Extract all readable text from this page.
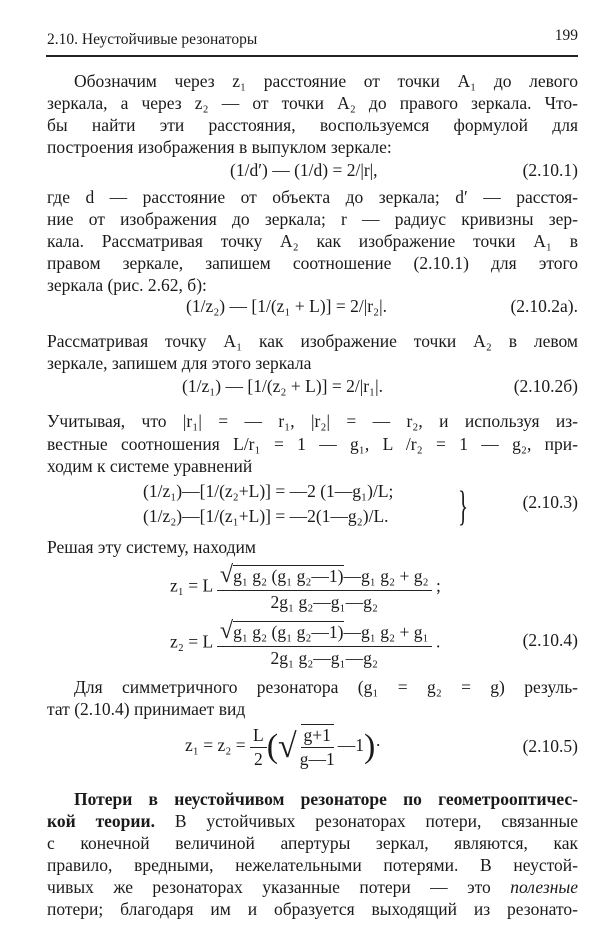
2.10. Неустойчивые резонаторы	199
Обозначим через z₁ расстояние от точки A₁ до левого
зеркала, а через z₂ — от точки A₂ до правого зеркала. Что-
бы найти эти расстояния, воспользуемся формулой для
построения изображения в выпуклом зеркале:
(1/d′) — (1/d) = 2/|r|,	(2.10.1)
где d — расстояние от объекта до зеркала; d′ — расстоя-
ние от изображения до зеркала; r — радиус кривизны зер-
кала. Рассматривая точку A₂ как изображение точки A₁ в
правом зеркале, запишем соотношение (2.10.1) для этого
зеркала (рис. 2.62, б):
(1/z₂) — [1/(z₁ + L)] = 2/|r₂|.	(2.10.2а).
Рассматривая точку A₁ как изображение точки A₂ в левом
зеркале, запишем для этого зеркала
(1/z₁) — [1/(z₂ + L)] = 2/|r₁|.	(2.10.2б)
Учитывая, что |r₁| = — r₁, |r₂| = — r₂, и используя из-
вестные соотношения L/r₁ = 1 — g₁, L /r₂ = 1 — g₂, при-
ходим к системе уравнений
(1/z₁)—[1/(z₂+L)] = —2 (1—g₁)/L;
(1/z₂)—[1/(z₁+L)] = —2(1—g₂)/L. }	(2.10.3)
Решая эту систему, находим
z₁ = L $\frac{\text{√g₁ g₂ (g₁ g₂—1)—g₁ g₂ + g₂}}{\text{2g₁ g₂—g₁—g₂}}$ ;
z₂ = L $\frac{\text{√g₁ g₂ (g₁ g₂—1)—g₁ g₂ + g₁}}{\text{2g₁ g₂—g₁—g₂}}$ .	(2.10.4)
Для симметричного резонатора (g₁ = g₂ = g) резуль-
тат (2.10.4) принимает вид
$z_1 = z_2 = \frac{L}{2}$ (√ $\frac{g+1}{g—1}$ —1)·	(2.10.5)
Потери в неустойчивом резонаторе по геометрооптичес-
кой теории. В устойчивых резонаторах потери, связанные
с конечной величиной апертуры зеркал, являются, как
правило, вредными, нежелательными потерями. В неустой-
чивых же резонаторах указанные потери — это полезные
потери; благодаря им и образуется выходящий из резонато-
